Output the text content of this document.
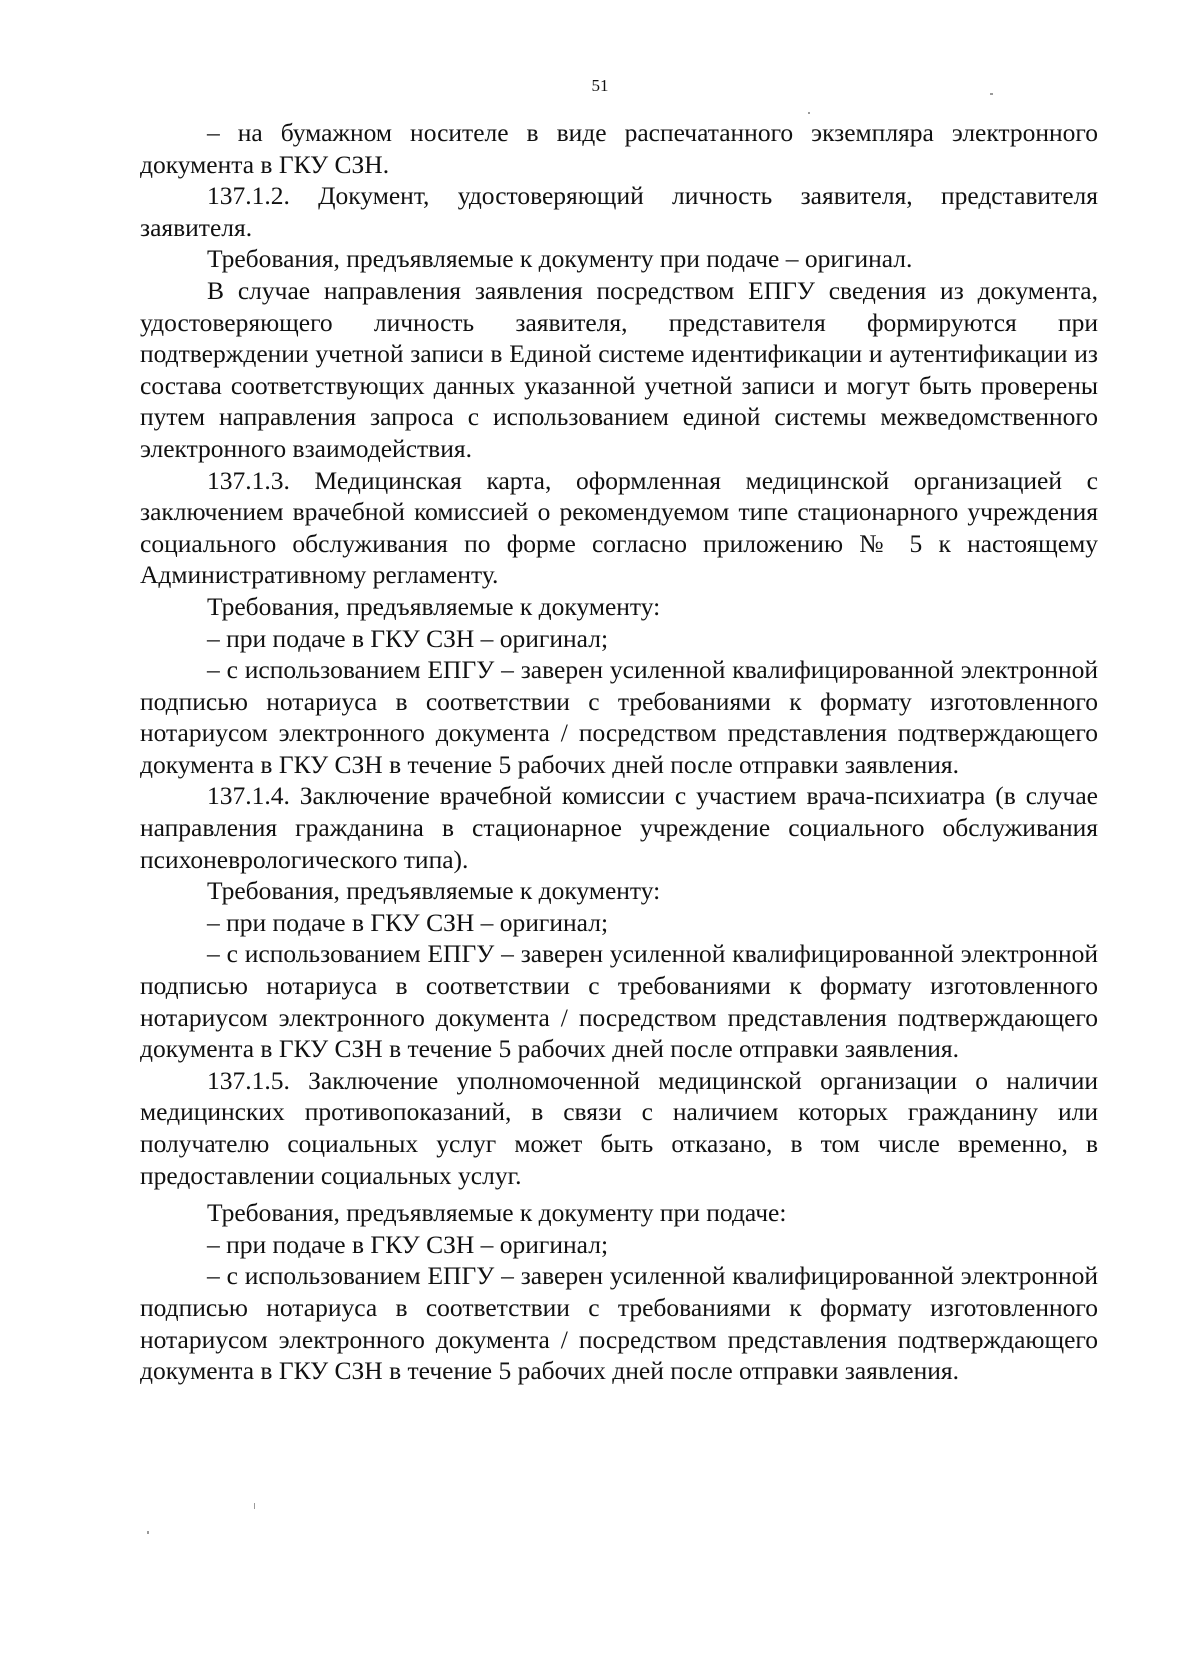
51

– на бумажном носителе в виде распечатанного экземпляра электронного документа в ГКУ СЗН.

137.1.2. Документ, удостоверяющий личность заявителя, представителя заявителя.

Требования, предъявляемые к документу при подаче – оригинал.

В случае направления заявления посредством ЕПГУ сведения из документа, удостоверяющего личность заявителя, представителя формируются при подтверждении учетной записи в Единой системе идентификации и аутентификации из состава соответствующих данных указанной учетной записи и могут быть проверены путем направления запроса с использованием единой системы межведомственного электронного взаимодействия.

137.1.3. Медицинская карта, оформленная медицинской организацией с заключением врачебной комиссией о рекомендуемом типе стационарного учреждения социального обслуживания по форме согласно приложению № 5 к настоящему Административному регламенту.

Требования, предъявляемые к документу:

– при подаче в ГКУ СЗН – оригинал;

– с использованием ЕПГУ – заверен усиленной квалифицированной электронной подписью нотариуса в соответствии с требованиями к формату изготовленного нотариусом электронного документа / посредством представления подтверждающего документа в ГКУ СЗН в течение 5 рабочих дней после отправки заявления.

137.1.4. Заключение врачебной комиссии с участием врача-психиатра (в случае направления гражданина в стационарное учреждение социального обслуживания психоневрологического типа).

Требования, предъявляемые к документу:

– при подаче в ГКУ СЗН – оригинал;

– с использованием ЕПГУ – заверен усиленной квалифицированной электронной подписью нотариуса в соответствии с требованиями к формату изготовленного нотариусом электронного документа / посредством представления подтверждающего документа в ГКУ СЗН в течение 5 рабочих дней после отправки заявления.

137.1.5. Заключение уполномоченной медицинской организации о наличии медицинских противопоказаний, в связи с наличием которых гражданину или получателю социальных услуг может быть отказано, в том числе временно, в предоставлении социальных услуг.

Требования, предъявляемые к документу при подаче:

– при подаче в ГКУ СЗН – оригинал;

– с использованием ЕПГУ – заверен усиленной квалифицированной электронной подписью нотариуса в соответствии с требованиями к формату изготовленного нотариусом электронного документа / посредством представления подтверждающего документа в ГКУ СЗН в течение 5 рабочих дней после отправки заявления.
